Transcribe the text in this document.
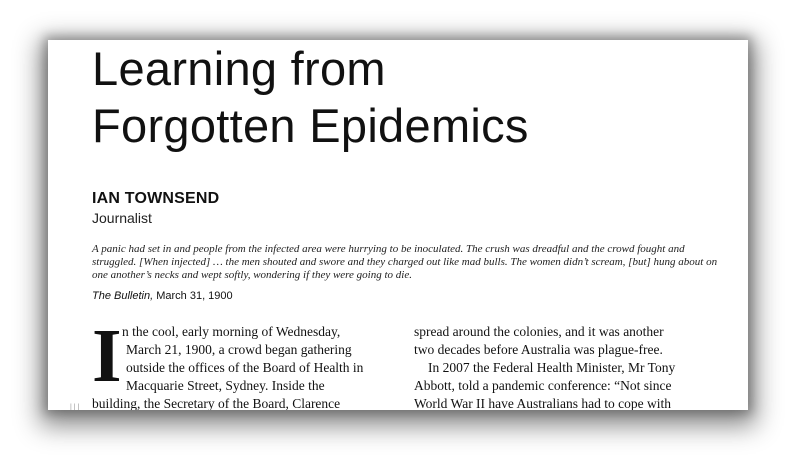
Learning from
Forgotten Epidemics
IAN TOWNSEND
Journalist

A panic had set in and people from the infected area were hurrying to be inoculated. The crush was dreadful and the crowd fought and struggled. [When injected] … the men shouted and swore and they charged out like mad bulls. The women didn’t scream, [but] hung about on one another’s necks and wept softly, wondering if they were going to die.

The Bulletin, March 31, 1900
I n the cool, early morning of Wednesday,
March 21, 1900, a crowd began gathering
outside the offices of the Board of Health in
Macquarie Street, Sydney. Inside the
building, the Secretary of the Board, Clarence
spread around the colonies, and it was another
two decades before Australia was plague-free.
In 2007 the Federal Health Minister, Mr Tony
Abbott, told a pandemic conference: “Not since
World War II have Australians had to cope with
| | |
